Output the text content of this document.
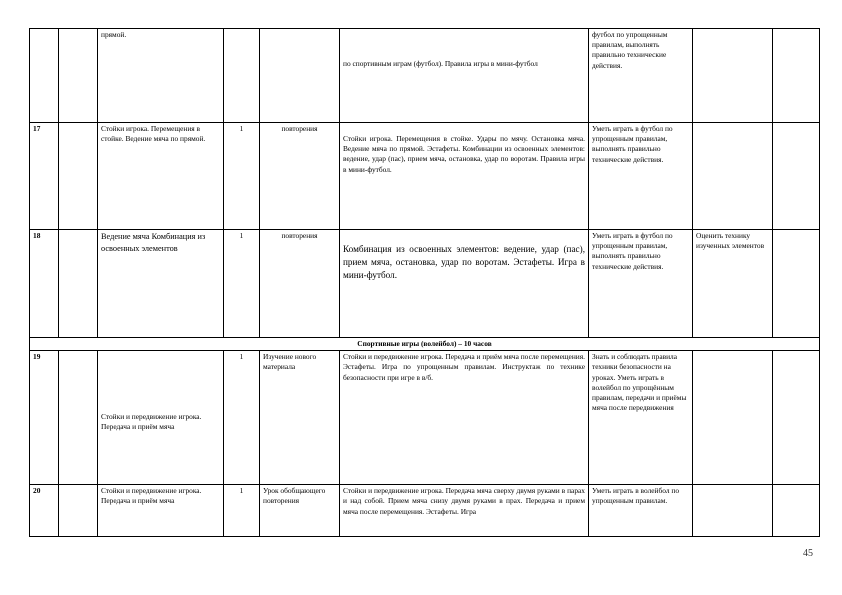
		прямой.			по спортивным играм (футбол). Правила игры в мини-футбол	футбол по упрощенным правилам, выполнять правильно технические действия.		
17		Стойки игрока. Перемещения в стойке. Ведение мяча по прямой.	1	повторения	Стойки игрока. Перемещения в стойке. Удары по мячу. Остановка мяча. Ведение мяча по прямой. Эстафеты. Комбинации из освоенных элементов: ведение, удар (пас), прием мяча, остановка, удар по воротам. Правила игры в мини-футбол.	Уметь играть в футбол по упрощенным правилам, выполнять правильно технические действия.		
18		Ведение мяча Комбинация из освоенных элементов	1	повторения	Комбинация из освоенных элементов: ведение, удар (пас), прием мяча, остановка, удар по воротам. Эстафеты. Игра в мини-футбол.	Уметь играть в футбол по упрощенным правилам, выполнять правильно технические действия.	Оценить технику изученных элементов	
Спортивные игры (волейбол) – 10 часов								
19		Стойки и передвижение игрока. Передача и приём мяча	1	Изучение нового материала	Стойки и передвижение игрока. Передача и приём мяча после перемещения. Эстафеты. Игра по упрощенным правилам. Инструктаж по технике безопасности при игре в в/б.	Знать и соблюдать правила техники безопасности на уроках. Уметь играть в волейбол по упрощённым правилам, передачи и приёмы мяча после передвижения		
20		Стойки и передвижение игрока. Передача и приём мяча	1	Урок обобщающего повторения	Стойки и передвижение игрока. Передача мяча сверху двумя руками в парах и над собой. Прием мяча снизу двумя руками в прах. Передача и прием мяча после перемещения. Эстафеты. Игра	Уметь играть в волейбол по упрощенным правилам.		
45
